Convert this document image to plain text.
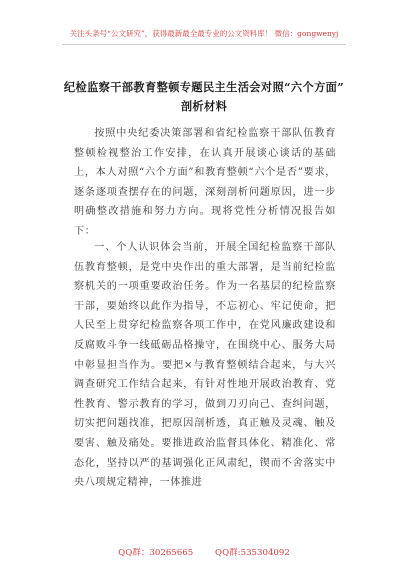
关注头条号“公文研究”，获得最新最全最专业的公文资料库！ 微信：gongwenyj
纪检监察干部教育整顿专题民主生活会对照“六个方面”
剖析材料
按照中央纪委决策部署和省纪检监察干部队伍教育整顿检视整治工作安排，在认真开展谈心谈话的基础上，本人对照“六个方面”和教育整顿“六个是否”要求，逐条逐项查摆存在的问题，深刻剖析问题原因，进一步明确整改措施和努力方向。现将党性分析情况报告如下：
一、个人认识体会当前，开展全国纪检监察干部队伍教育整顿，是党中央作出的重大部署，是当前纪检监察机关的一项重要政治任务。作为一名基层的纪检监察干部，要始终以此作为指导，不忘初心、牢记使命，把人民至上贯穿纪检监察各项工作中，在党风廉政建设和反腐败斗争一线砥砺品格操守，在围绕中心、服务大局中彰显担当作为。要把×与教育整顿结合起来，与大兴调查研究工作结合起来，有针对性地开展政治教育、党性教育、警示教育的学习，做到刀刃向己、查纠问题，切实把问题找准，把原因剖析透，真正触及灵魂、触及要害、触及痛处。要推进政治监督具体化、精准化、常态化，坚持以严的基调强化正风肃纪，锲而不舍落实中央八项规定精神，一体推进
QQ群：30265665        QQ群:535304092
